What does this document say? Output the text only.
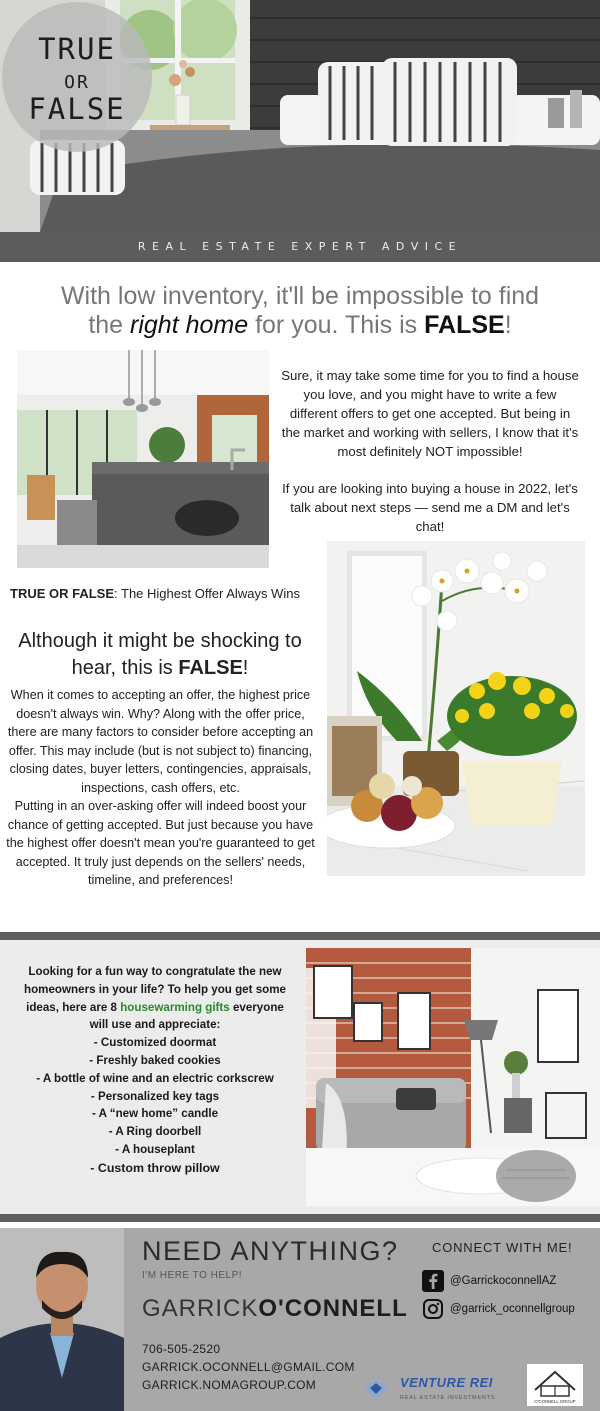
TRUE
OR
FALSE
REAL ESTATE EXPERT ADVICE
With low inventory, it'll be impossible to find
the right home for you. This is FALSE!

Sure, it may take some time for you to find a house you love, and you might have to write a few different offers to get one accepted. But being in the market and working with sellers, I know that it's most definitely NOT impossible!

If you are looking into buying a house in 2022, let's talk about next steps — send me a DM and let's chat!

TRUE OR FALSE: The Highest Offer Always Wins
Although it might be shocking to hear, this is FALSE!

When it comes to accepting an offer, the highest price doesn't always win. Why? Along with the offer price, there are many factors to consider before accepting an offer. This may include (but is not subject to) financing, closing dates, buyer letters, contingencies, appraisals, inspections, cash offers, etc.

Putting in an over-asking offer will indeed boost your chance of getting accepted. But just because you have the highest offer doesn't mean you're guaranteed to get accepted. It truly just depends on the sellers' needs, timeline, and preferences!

Looking for a fun way to congratulate the new homeowners in your life? To help you get some ideas, here are 8 housewarming gifts everyone will use and appreciate:
- Customized doormat
- Freshly baked cookies
- A bottle of wine and an electric corkscrew
- Personalized key tags
- A “new home” candle
- A Ring doorbell
- A houseplant
- Custom throw pillow
NEED ANYTHING?
I'M HERE TO HELP!
GARRICKO'CONNELL
706-505-2520
GARRICK.OCONNELL@GMAIL.COM
GARRICK.NOMAGROUP.COM
CONNECT WITH ME!
@GarrickoconnellAZ
@garrick_oconnellgroup
VENTURE REI
REAL ESTATE INVESTMENTS
O'CONNELL GROUP
